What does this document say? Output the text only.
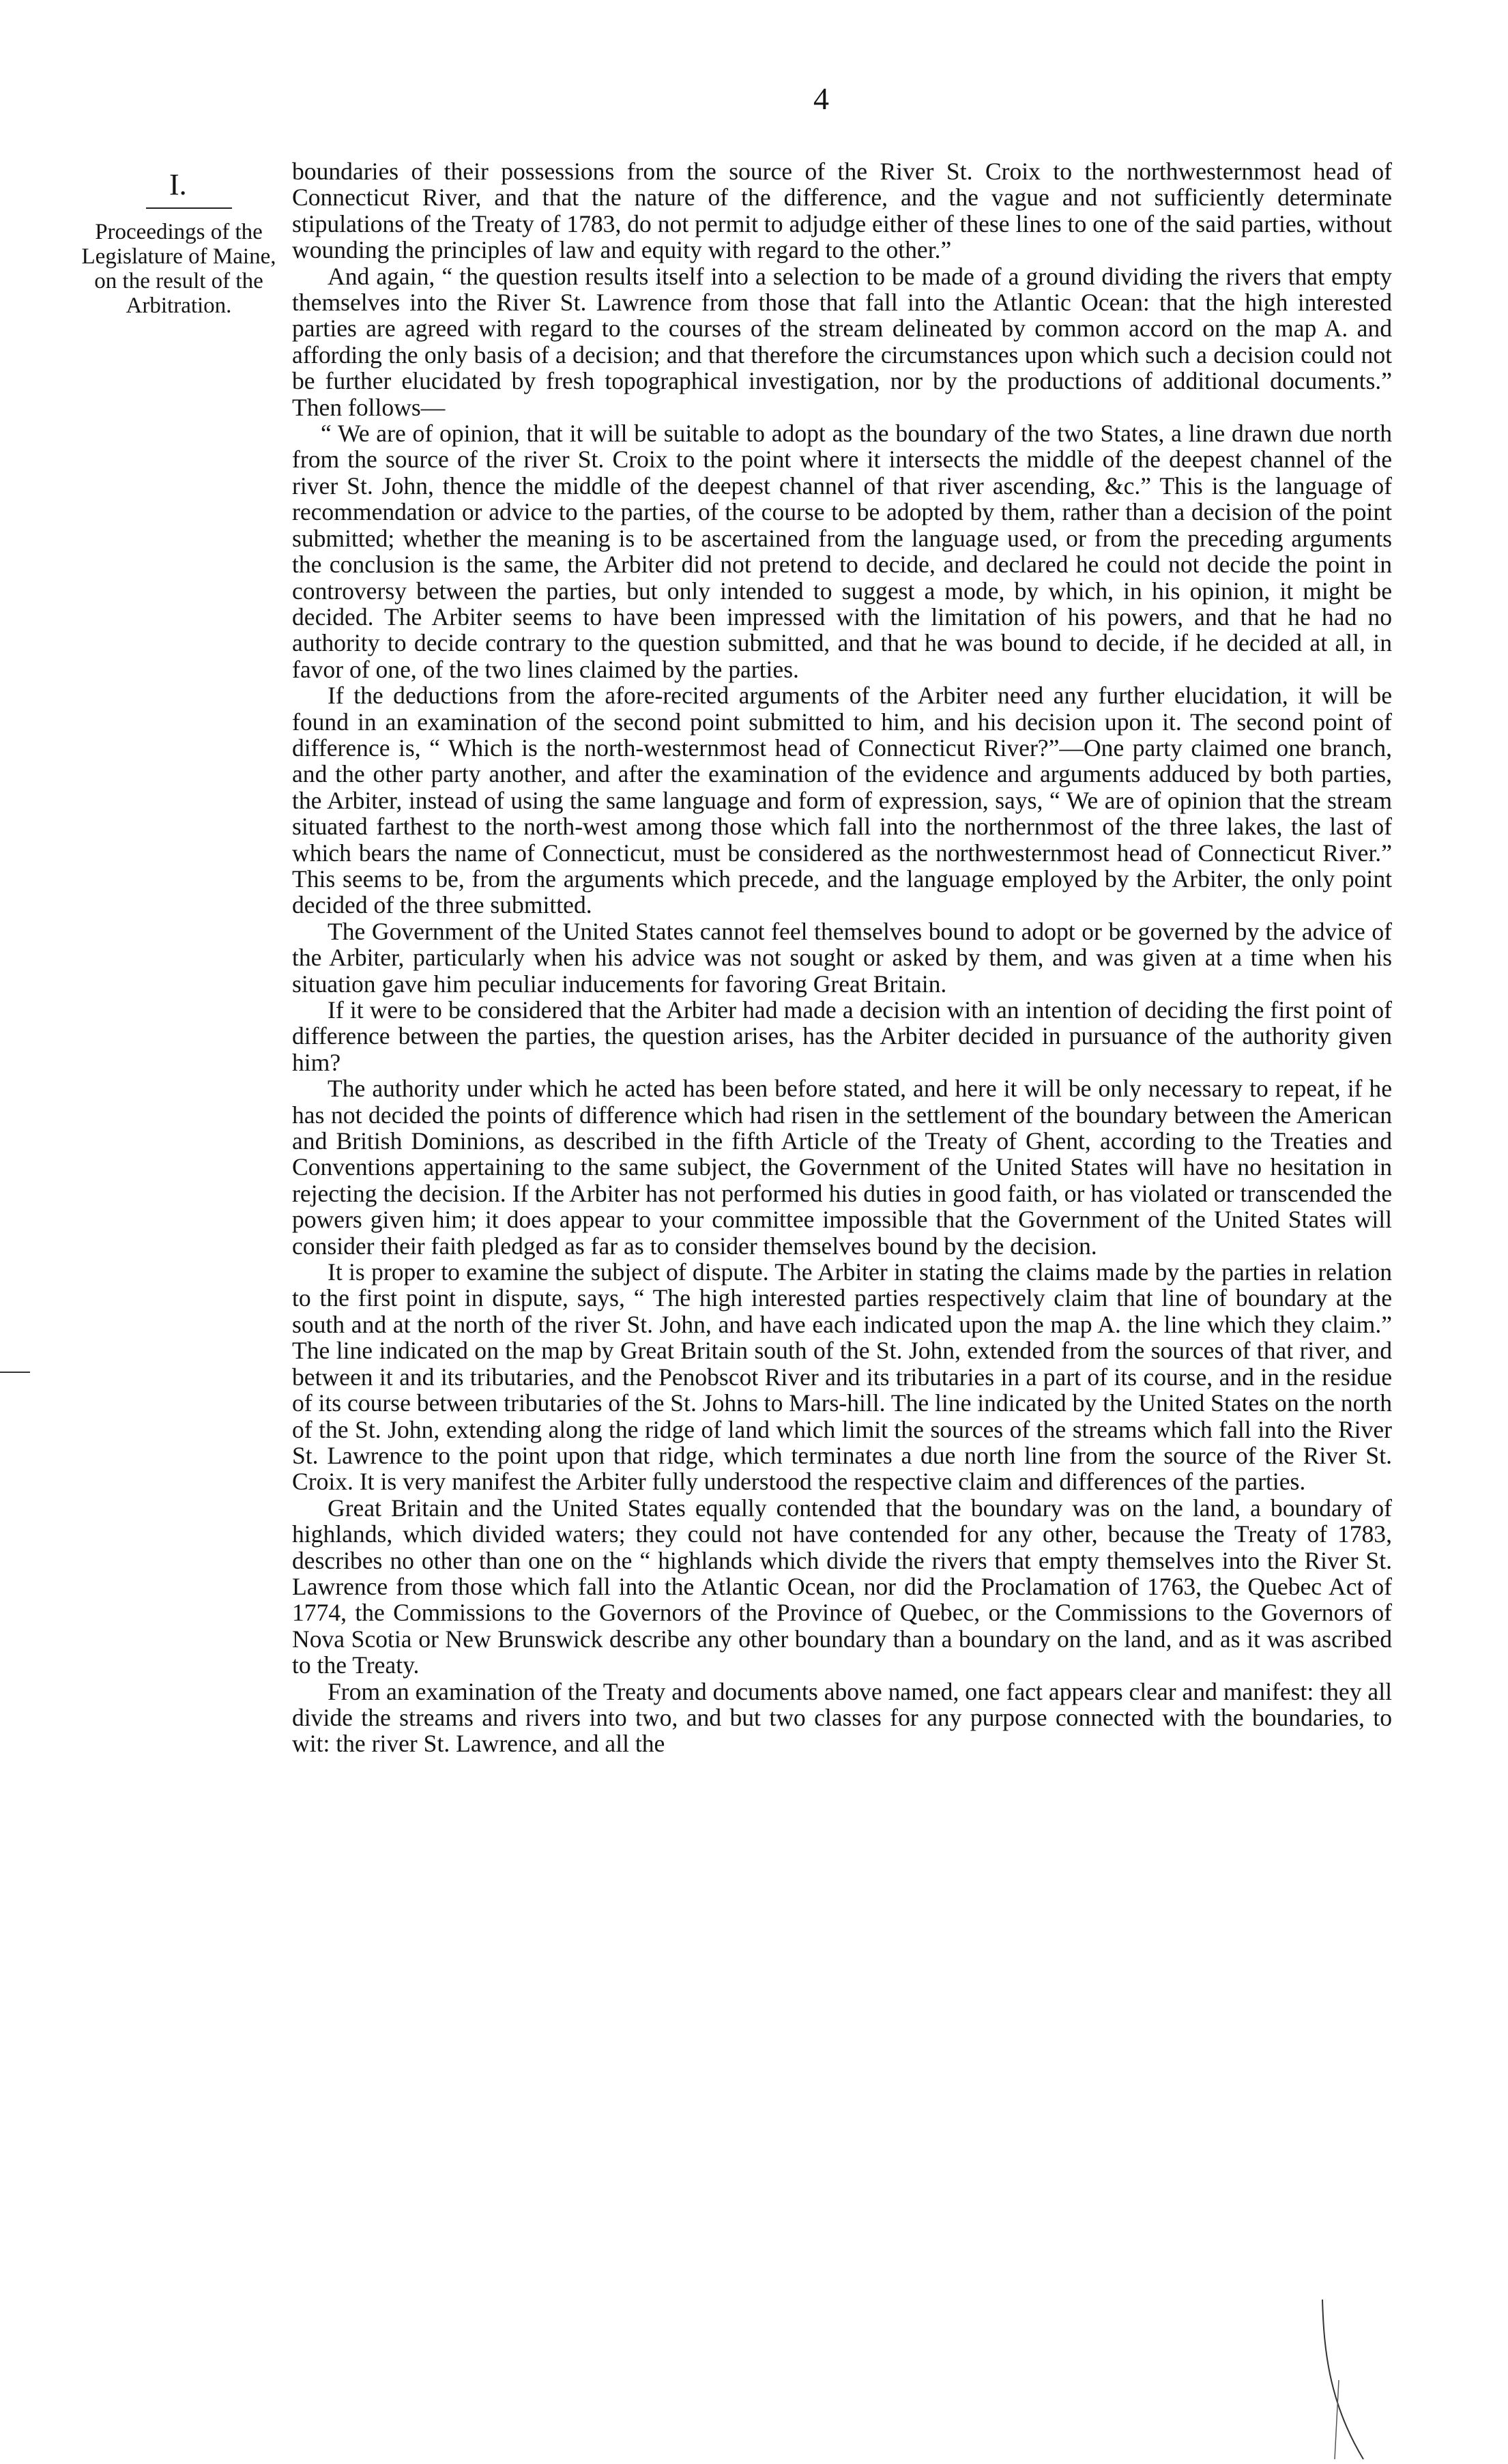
4
I.
Proceedings of the Legislature of Maine, on the result of the Arbitration.

boundaries of their possessions from the source of the River St. Croix to the northwesternmost head of Connecticut River, and that the nature of the difference, and the vague and not sufficiently determinate stipulations of the Treaty of 1783, do not permit to adjudge either of these lines to one of the said parties, without wounding the principles of law and equity with regard to the other.”

And again, “ the question results itself into a selection to be made of a ground dividing the rivers that empty themselves into the River St. Lawrence from those that fall into the Atlantic Ocean: that the high interested parties are agreed with regard to the courses of the stream delineated by common accord on the map A. and affording the only basis of a decision; and that therefore the circumstances upon which such a decision could not be further elucidated by fresh topographical investigation, nor by the productions of additional documents.” Then follows—

“ We are of opinion, that it will be suitable to adopt as the boundary of the two States, a line drawn due north from the source of the river St. Croix to the point where it intersects the middle of the deepest channel of the river St. John, thence the middle of the deepest channel of that river ascending, &c.” This is the language of recommendation or advice to the parties, of the course to be adopted by them, rather than a decision of the point submitted; whether the meaning is to be ascertained from the language used, or from the preceding arguments the conclusion is the same, the Arbiter did not pretend to decide, and declared he could not decide the point in controversy between the parties, but only intended to suggest a mode, by which, in his opinion, it might be decided. The Arbiter seems to have been impressed with the limitation of his powers, and that he had no authority to decide contrary to the question submitted, and that he was bound to decide, if he decided at all, in favor of one, of the two lines claimed by the parties.

If the deductions from the afore-recited arguments of the Arbiter need any further elucidation, it will be found in an examination of the second point submitted to him, and his decision upon it. The second point of difference is, “ Which is the north-westernmost head of Connecticut River?”—One party claimed one branch, and the other party another, and after the examination of the evidence and arguments adduced by both parties, the Arbiter, instead of using the same language and form of expression, says, “ We are of opinion that the stream situated farthest to the north-west among those which fall into the northernmost of the three lakes, the last of which bears the name of Connecticut, must be considered as the northwesternmost head of Connecticut River.” This seems to be, from the arguments which precede, and the language employed by the Arbiter, the only point decided of the three submitted.

The Government of the United States cannot feel themselves bound to adopt or be governed by the advice of the Arbiter, particularly when his advice was not sought or asked by them, and was given at a time when his situation gave him peculiar inducements for favoring Great Britain.

If it were to be considered that the Arbiter had made a decision with an intention of deciding the first point of difference between the parties, the question arises, has the Arbiter decided in pursuance of the authority given him?

The authority under which he acted has been before stated, and here it will be only necessary to repeat, if he has not decided the points of difference which had risen in the settlement of the boundary between the American and British Dominions, as described in the fifth Article of the Treaty of Ghent, according to the Treaties and Conventions appertaining to the same subject, the Government of the United States will have no hesitation in rejecting the decision. If the Arbiter has not performed his duties in good faith, or has violated or transcended the powers given him; it does appear to your committee impossible that the Government of the United States will consider their faith pledged as far as to consider themselves bound by the decision.

It is proper to examine the subject of dispute. The Arbiter in stating the claims made by the parties in relation to the first point in dispute, says, “ The high interested parties respectively claim that line of boundary at the south and at the north of the river St. John, and have each indicated upon the map A. the line which they claim.” The line indicated on the map by Great Britain south of the St. John, extended from the sources of that river, and between it and its tributaries, and the Penobscot River and its tributaries in a part of its course, and in the residue of its course between tributaries of the St. Johns to Mars-hill. The line indicated by the United States on the north of the St. John, extending along the ridge of land which limit the sources of the streams which fall into the River St. Lawrence to the point upon that ridge, which terminates a due north line from the source of the River St. Croix. It is very manifest the Arbiter fully understood the respective claim and differences of the parties.

Great Britain and the United States equally contended that the boundary was on the land, a boundary of highlands, which divided waters; they could not have contended for any other, because the Treaty of 1783, describes no other than one on the “ highlands which divide the rivers that empty themselves into the River St. Lawrence from those which fall into the Atlantic Ocean, nor did the Proclamation of 1763, the Quebec Act of 1774, the Commissions to the Governors of the Province of Quebec, or the Commissions to the Governors of Nova Scotia or New Brunswick describe any other boundary than a boundary on the land, and as it was ascribed to the Treaty.

From an examination of the Treaty and documents above named, one fact appears clear and manifest: they all divide the streams and rivers into two, and but two classes for any purpose connected with the boundaries, to wit: the river St. Lawrence, and all the
